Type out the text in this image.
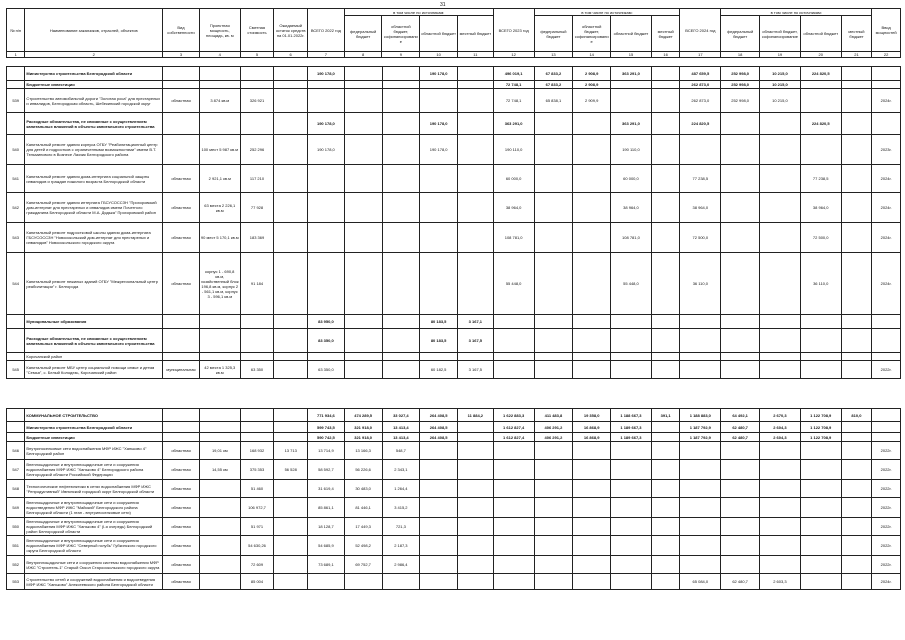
31
№ п/п	Наименование заказчиков, отраслей, объектов	Вид собственности	Проектная мощность, площадь, кв. м	Сметная стоимость	Ожидаемый остаток средств на 01.01.2022г.	ВСЕГО 2022 год	в том числе по источникам:				ВСЕГО 2023 год	в том числе по источникам:				ВСЕГО 2024 год	в том числе по источникам:				Ввод мощностей
							федеральный бюджет	областной бюджет, софинансирование	областной бюджет	местный бюджет		федеральный бюджет	областной бюджет, софинансирование	областной бюджет	местный бюджет		федеральный бюджет	областной бюджет, софинансирование	областной бюджет	местный бюджет	
1	2	3	4	5	6	7	8	9	10	11	12	13	14	15	16	17	18	19	20	21	22
	Министерство строительства Белгородской области					190 178,0			190 178,0		496 019,1	67 833,2	2 908,9	363 291,0		487 659,5	252 998,0	10 215,0	224 820,5		
	Бюджетные инвестиции										72 748,1	67 833,2	2 908,9			262 873,0	252 998,0	10 215,0			
539	Строительство автомобильной дороги "Золотая роса" для престарелых и инвалидов, Белгородская область, Шебекинский городской округ	областная	3 874 кв.м	326 921							72 748,1	65 838,1	2 909,9			262 873,0	252 998,0	10 215,0			2024г.
	Расходные обязательства, не связанные с осуществлением капитальных вложений в объекты капитального строительства					190 178,0			190 178,0		363 291,0			363 291,0		224 820,5			224 820,5		
540	Капитальный ремонт здания корпуса ОГБУ "Реабилитационный центр для детей и подростков с ограниченными возможностями" имени В.Т. Тельминового в Вознесе Лазчик Белгородского района		100 мест 5 987 кв.м	252 296		190 178,0			190 178,0		190 110,0			190 110,0							2023г.
541	Капитальный ремонт здания дома-интерната социальной защиты инвалидов и граждан пожилого возраста Белгородской области	областная	2 921,1 кв.м	117 210							60 000,0			60 000,0		77 238,5			77 238,5		2024г.
542	Капитальный ремонт здания интерната ГБСУСОССЗН "Прохоровский дом-интернат для престарелых и инвалидов имени Почетного гражданина Белгородской области М.А. Дядька" Прохоровский район	областная	63 места 2 226,1 кв.м	77 928							38 964,0			38 964,0		38 964,0			38 964,0		2024г.
543	Капитальный ремонт подростковой школы здания дома-интерната ГБСУСОССЗН "Новооскольский дом-интернат для престарелых и инвалидов" Новооскольского городского округа	областная	90 мест 5 170,1 кв.м	183 369							108 781,0			108 781,0		72 500,0			72 500,0		2024г.
544	Капитальный ремонт нежилых зданий ОГБУ "Межрегиональный центр реабилитации" г. Белгорода	областная	корпус 1 - 690,8 кв.м, хозяйственный блок 196,8 кв.м, корпус 2 - 561,1 кв.м, корпус 3 - 596,1 кв.м	91 184							55 448,0			55 448,0		36 110,0			36 110,0		2024г.
	Муниципальные образования					83 950,0			80 183,5	3 167,1											
	Расходные обязательства, не связанные с осуществлением капитальных вложений в объекты капитального строительства					83 350,0			80 183,5	3 167,5											
	Корочанский район																				
545	Капитальный ремонт МБУ центр социальной помощи семье и детям "Семья", с. Белый Колодезь, Корочанский район	муниципальная	42 места 1 325,3 кв.м	63 350		63 350,0			60 182,5	3 167,5											2022г.
	КОММУНАЛЬНОЕ СТРОИТЕЛЬСТВО					771 934,6	474 289,5	33 027,4	264 408,5	11 884,2	1 622 883,3	411 483,8	19 358,0	1 188 667,3	391,1	1 188 883,0	64 492,1	2 670,3	1 122 708,9	810,0	
	Министерство строительства Белгородской области					599 743,5	321 918,0	13 413,4	264 408,5		1 612 827,4	406 291,2	16 868,9	1 189 667,3		1 187 792,9	62 480,7	2 604,3	1 122 708,9		
	Бюджетные инвестиции					590 742,5	321 918,0	13 413,4	264 408,5		1 612 827,4	406 291,2	16 868,9	1 189 667,3		1 187 792,9	62 480,7	2 604,3	1 122 708,9		
546	Внутрипоселковые сети водоснабжения МФР ИЖС "Ханьково 4" Белгородский район	областная	19,01 км	168 932	13 713	13 714,9	13 166,3	548,7													2022г.
547	Внеплощадочные и внутриплощадочные сети и сооружения водоснабжения МФР ИЖС "Ханьково 4" Белгородского района Белгородской области Российской Федерации	областная	14,55 км	375 353	56 528	58 592,7	56 226,6	2 343,1													2022г.
548	Технологические нефтеюнктики в сетях водоснабжения МФР ИЖС "Репродуктивный" Ивнянский городской округ Белгородской области	областная		51 460		31 619,4	30 483,0	1 264,4													2022г.
549	Внеплощадочные и внутриплощадочные сети и сооружения водоотведения МФР ИЖС "Майский" Белгородского района Белгородской области (1 этап - внутрипоселковые сети)	областная		106 972,7		85 861,1	81 446,1	3 415,2													2022г.
550	Внеплощадочные и внутриплощадочные сети и сооружения водоснабжения МФР ИЖС "Ханьково 4" (I-я очередь) Белгородский район Белгородской области	областная		51 971		18 128,7	17 449,3	721,3													2022г.
551	Внеплощадочные и внутриплощадочные сети и сооружения водоснабжения МФР ИЖС "Северный голубь" Губкинского городского округа Белгородской области	областная		54 630,26		54 685,9	52 498,2	2 187,3													2022г.
552	Внутриплощадочные сети и сооружения системы водоснабжения МФР ИЖС "Строитель-1" Старый Оскол Старооскольского городского округа	областная		72 609		73 689,1	69 752,7	2 986,4													2022г.
553	Строительство сетей и сооружений водоснабжения и водоотведения МФР ИЖС "Ханьково" Алексеевского района Белгородской области	областная		85 004												65 084,0	62 480,7	2 603,3			2024г.
